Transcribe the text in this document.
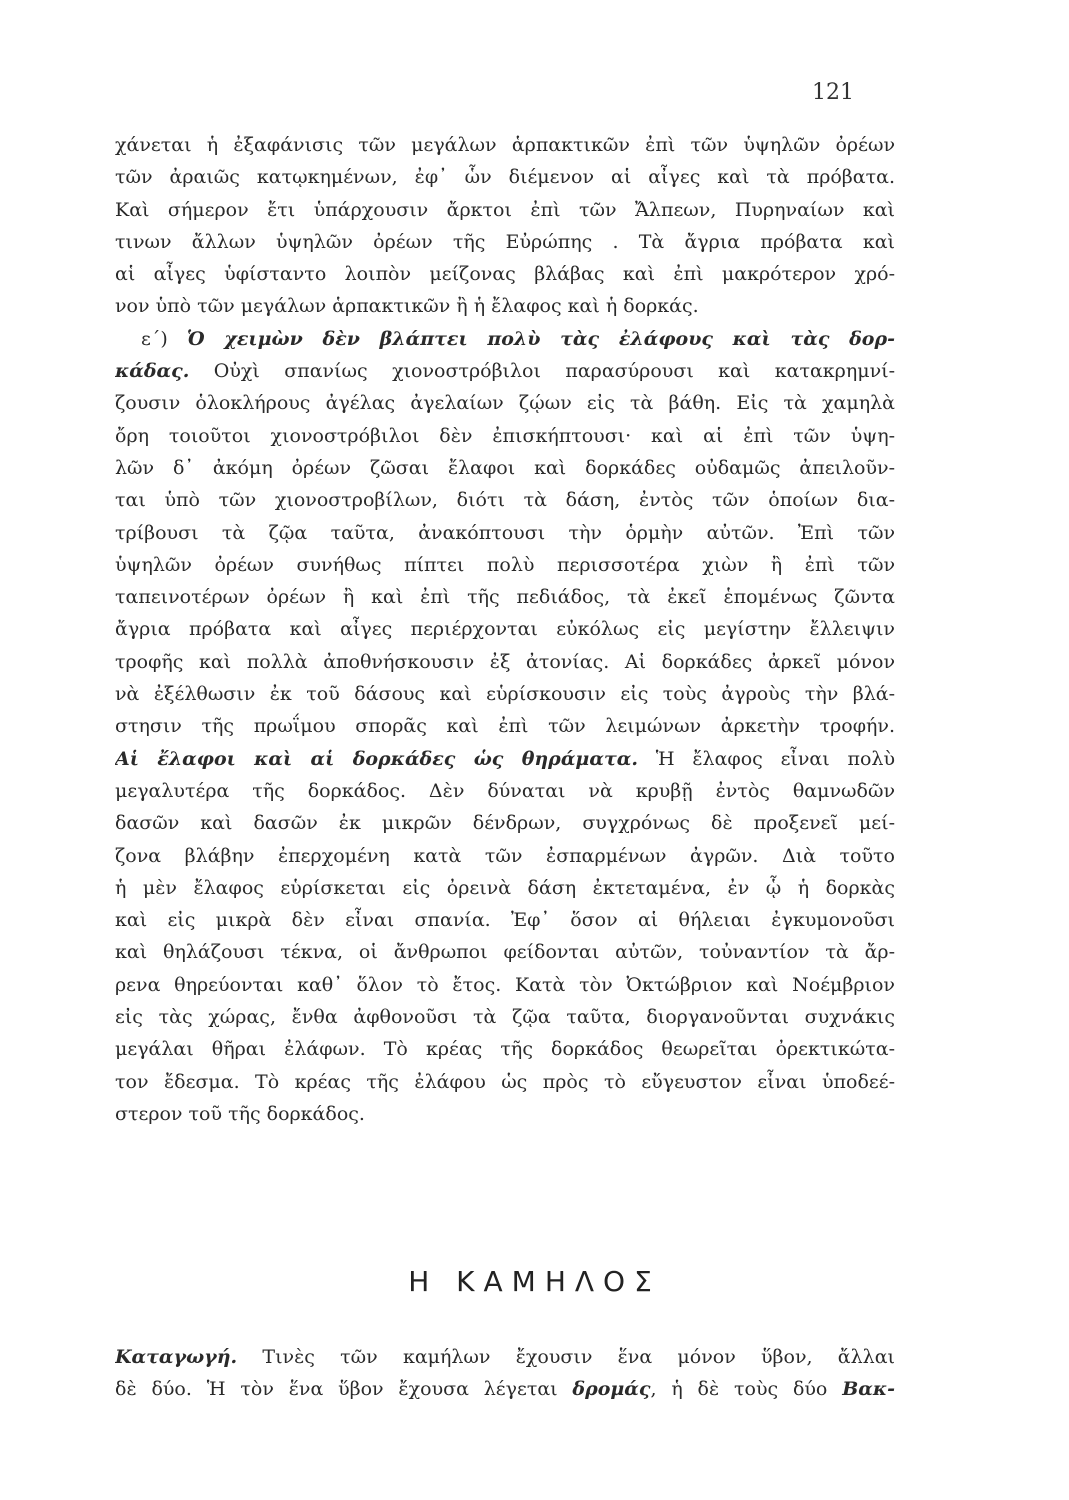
121
χάνεται ἡ ἐξαφάνισις τῶν μεγάλων ἁρπακτικῶν ἐπὶ τῶν ὑψηλῶν ὀρέων
τῶν ἀραιῶς κατῳκημένων, ἐφ᾽ ὧν διέμενον αἱ αἶγες καὶ τὰ πρόβατα.
Καὶ σήμερον ἔτι ὑπάρχουσιν ἄρκτοι ἐπὶ τῶν Ἄλπεων, Πυρηναίων καὶ
τινων ἄλλων ὑψηλῶν ὀρέων τῆς Εὐρώπης . Τὰ ἄγρια πρόβατα καὶ
αἱ αἶγες ὑφίσταντο λοιπὸν μείζονας βλάβας καὶ ἐπὶ μακρότερον χρό-
νον ὑπὸ τῶν μεγάλων ἁρπακτικῶν ἢ ἡ ἔλαφος καὶ ἡ δορκάς.
ε΄) Ὁ χειμὼν δὲν βλάπτει πολὺ τὰς ἐλάφους καὶ τὰς δορ-
κάδας. Οὐχὶ σπανίως χιονοστρόβιλοι παρασύρουσι καὶ κατακρημνί-
ζουσιν ὁλοκλήρους ἀγέλας ἀγελαίων ζῴων εἰς τὰ βάθη. Εἰς τὰ χαμηλὰ
ὄρη τοιοῦτοι χιονοστρόβιλοι δὲν ἐπισκήπτουσι· καὶ αἱ ἐπὶ τῶν ὑψη-
λῶν δ᾽ ἀκόμη ὀρέων ζῶσαι ἔλαφοι καὶ δορκάδες οὐδαμῶς ἀπειλοῦν-
ται ὑπὸ τῶν χιονοστροβίλων, διότι τὰ δάση, ἐντὸς τῶν ὁποίων δια-
τρίβουσι τὰ ζῷα ταῦτα, ἀνακόπτουσι τὴν ὁρμὴν αὐτῶν. Ἐπὶ τῶν
ὑψηλῶν ὀρέων συνήθως πίπτει πολὺ περισσοτέρα χιὼν ἢ ἐπὶ τῶν
ταπεινοτέρων ὀρέων ἢ καὶ ἐπὶ τῆς πεδιάδος, τὰ ἐκεῖ ἑπομένως ζῶντα
ἄγρια πρόβατα καὶ αἶγες περιέρχονται εὐκόλως εἰς μεγίστην ἔλλειψιν
τροφῆς καὶ πολλὰ ἀποθνήσκουσιν ἐξ ἀτονίας. Αἱ δορκάδες ἀρκεῖ μόνον
νὰ ἐξέλθωσιν ἐκ τοῦ δάσους καὶ εὑρίσκουσιν εἰς τοὺς ἀγροὺς τὴν βλά-
στησιν τῆς πρωΐμου σπορᾶς καὶ ἐπὶ τῶν λειμώνων ἀρκετὴν τροφήν.
Αἱ ἔλαφοι καὶ αἱ δορκάδες ὡς θηράματα. Ἡ ἔλαφος εἶναι πολὺ
μεγαλυτέρα τῆς δορκάδος. Δὲν δύναται νὰ κρυβῇ ἐντὸς θαμνωδῶν
δασῶν καὶ δασῶν ἐκ μικρῶν δένδρων, συγχρόνως δὲ προξενεῖ μεί-
ζονα βλάβην ἐπερχομένη κατὰ τῶν ἐσπαρμένων ἀγρῶν. Διὰ τοῦτο
ἡ μὲν ἔλαφος εὑρίσκεται εἰς ὀρεινὰ δάση ἐκτεταμένα, ἐν ᾧ ἡ δορκὰς
καὶ εἰς μικρὰ δὲν εἶναι σπανία. Ἐφ᾽ ὅσον αἱ θήλειαι ἐγκυμονοῦσι
καὶ θηλάζουσι τέκνα, οἱ ἄνθρωποι φείδονται αὐτῶν, τοὐναντίον τὰ ἄρ-
ρενα θηρεύονται καθ᾽ ὅλον τὸ ἔτος. Κατὰ τὸν Ὀκτώβριον καὶ Νοέμβριον
εἰς τὰς χώρας, ἔνθα ἀφθονοῦσι τὰ ζῷα ταῦτα, διοργανοῦνται συχνάκις
μεγάλαι θῆραι ἐλάφων. Τὸ κρέας τῆς δορκάδος θεωρεῖται ὀρεκτικώτα-
τον ἔδεσμα. Τὸ κρέας τῆς ἐλάφου ὡς πρὸς τὸ εὔγευστον εἶναι ὑποδεέ-
στερον τοῦ τῆς δορκάδος.
Η ΚΑΜΗΛΟΣ
Καταγωγή. Τινὲς τῶν καμήλων ἔχουσιν ἕνα μόνον ὕβον, ἄλλαι
δὲ δύο. Ἡ τὸν ἕνα ὕβον ἔχουσα λέγεται δρομάς, ἡ δὲ τοὺς δύο Βακ-
